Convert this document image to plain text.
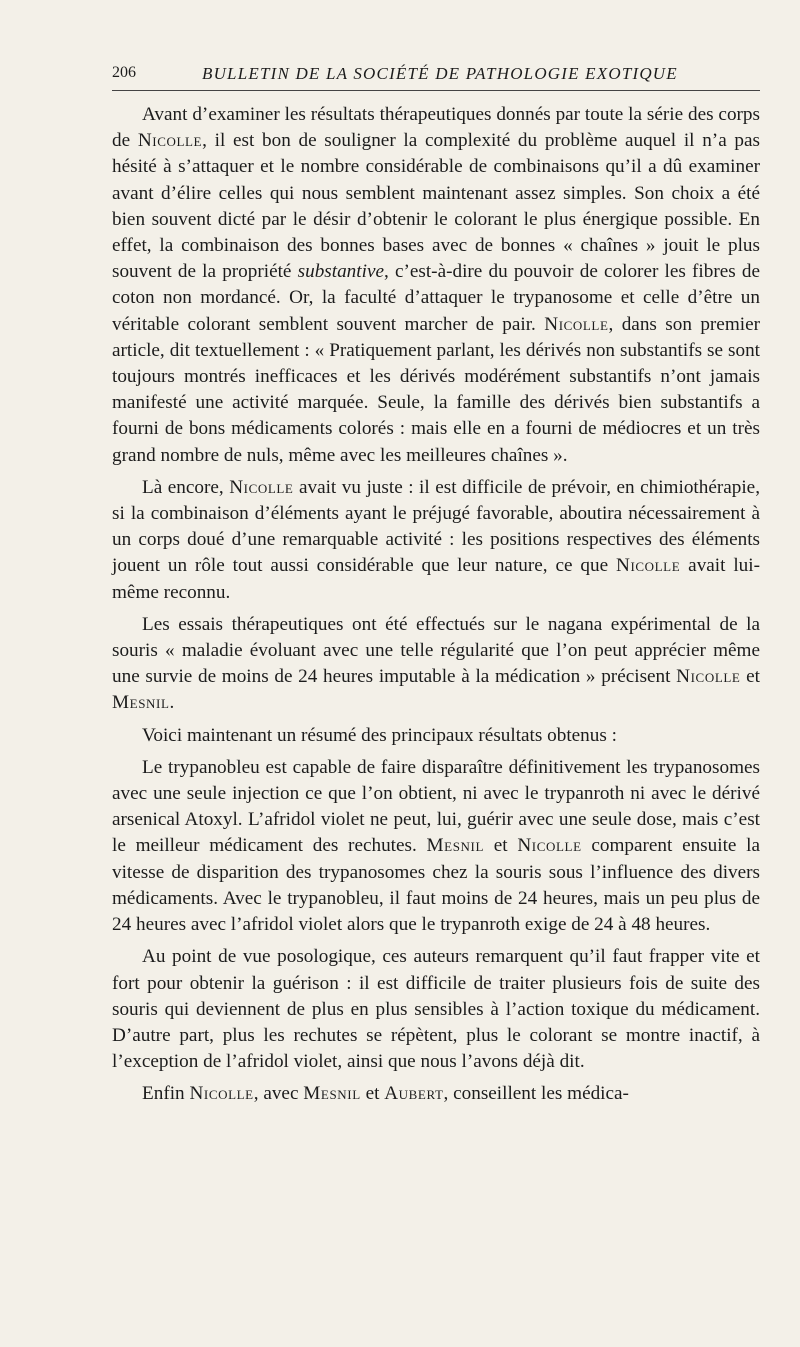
206	BULLETIN DE LA SOCIÉTÉ DE PATHOLOGIE EXOTIQUE

Avant d’examiner les résultats thérapeutiques donnés par toute la série des corps de Nicolle, il est bon de souligner la complexité du problème auquel il n’a pas hésité à s’attaquer et le nombre considérable de combinaisons qu’il a dû examiner avant d’élire celles qui nous semblent maintenant assez simples. Son choix a été bien souvent dicté par le désir d’obtenir le colorant le plus énergique possible. En effet, la combinaison des bonnes bases avec de bonnes « chaînes » jouit le plus souvent de la propriété substantive, c’est-à-dire du pouvoir de colorer les fibres de coton non mordancé. Or, la faculté d’attaquer le trypanosome et celle d’être un véritable colorant semblent souvent marcher de pair. Nicolle, dans son premier article, dit textuellement : « Pratiquement parlant, les dérivés non substantifs se sont toujours montrés inefficaces et les dérivés modérément substantifs n’ont jamais manifesté une activité marquée. Seule, la famille des dérivés bien substantifs a fourni de bons médicaments colorés : mais elle en a fourni de médiocres et un très grand nombre de nuls, même avec les meilleures chaînes ».

Là encore, Nicolle avait vu juste : il est difficile de prévoir, en chimiothérapie, si la combinaison d’éléments ayant le préjugé favorable, aboutira nécessairement à un corps doué d’une remarquable activité : les positions respectives des éléments jouent un rôle tout aussi considérable que leur nature, ce que Nicolle avait lui-même reconnu.

Les essais thérapeutiques ont été effectués sur le nagana expérimental de la souris « maladie évoluant avec une telle régularité que l’on peut apprécier même une survie de moins de 24 heures imputable à la médication » précisent Nicolle et Mesnil.

Voici maintenant un résumé des principaux résultats obtenus :

Le trypanobleu est capable de faire disparaître définitivement les trypanosomes avec une seule injection ce que l’on obtient, ni avec le trypanroth ni avec le dérivé arsenical Atoxyl. L’afridol violet ne peut, lui, guérir avec une seule dose, mais c’est le meilleur médicament des rechutes. Mesnil et Nicolle comparent ensuite la vitesse de disparition des trypanosomes chez la souris sous l’influence des divers médicaments. Avec le trypanobleu, il faut moins de 24 heures, mais un peu plus de 24 heures avec l’afridol violet alors que le trypanroth exige de 24 à 48 heures.

Au point de vue posologique, ces auteurs remarquent qu’il faut frapper vite et fort pour obtenir la guérison : il est difficile de traiter plusieurs fois de suite des souris qui deviennent de plus en plus sensibles à l’action toxique du médicament. D’autre part, plus les rechutes se répètent, plus le colorant se montre inactif, à l’exception de l’afridol violet, ainsi que nous l’avons déjà dit.

Enfin Nicolle, avec Mesnil et Aubert, conseillent les médica-
